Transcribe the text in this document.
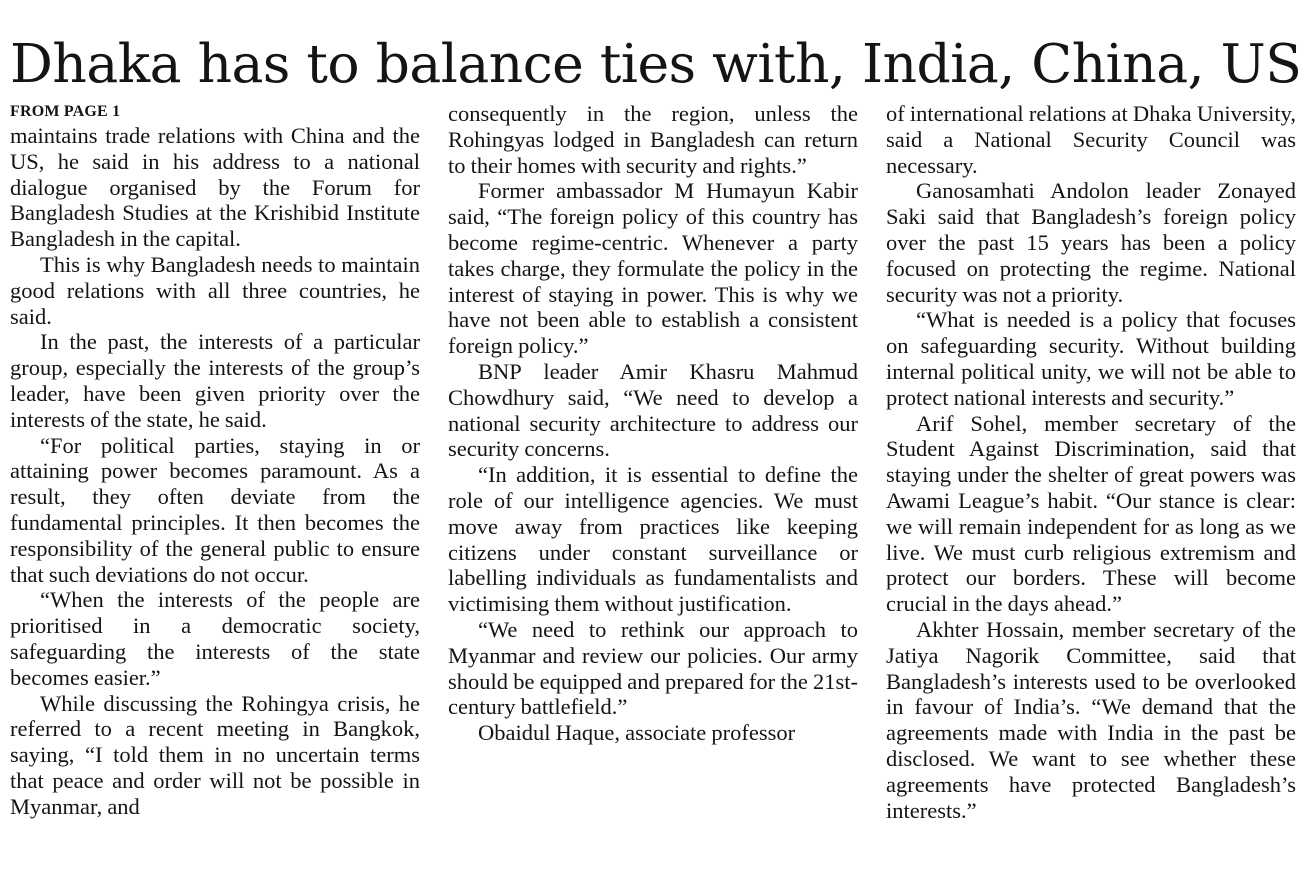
Dhaka has to balance ties with, India, China, US
FROM PAGE 1

maintains trade relations with China and the US, he said in his address to a national dialogue organised by the Forum for Bangladesh Studies at the Krishibid Institute Bangladesh in the capital.

This is why Bangladesh needs to maintain good relations with all three countries, he said.

In the past, the interests of a particular group, especially the interests of the group’s leader, have been given priority over the interests of the state, he said.

“For political parties, staying in or attaining power becomes paramount. As a result, they often deviate from the fundamental principles. It then becomes the responsibility of the general public to ensure that such deviations do not occur.

“When the interests of the people are prioritised in a democratic society, safeguarding the interests of the state becomes easier.”

While discussing the Rohingya crisis, he referred to a recent meeting in Bangkok, saying, “I told them in no uncertain terms that peace and order will not be possible in Myanmar, and

consequently in the region, unless the Rohingyas lodged in Bangladesh can return to their homes with security and rights.”

Former ambassador M Humayun Kabir said, “The foreign policy of this country has become regime-centric. Whenever a party takes charge, they formulate the policy in the interest of staying in power. This is why we have not been able to establish a consistent foreign policy.”

BNP leader Amir Khasru Mahmud Chowdhury said, “We need to develop a national security architecture to address our security concerns.

“In addition, it is essential to define the role of our intelligence agencies. We must move away from practices like keeping citizens under constant surveillance or labelling individuals as fundamentalists and victimising them without justification.

“We need to rethink our approach to Myanmar and review our policies. Our army should be equipped and prepared for the 21st-century battlefield.”

Obaidul Haque, associate professor

of international relations at Dhaka University, said a National Security Council was necessary.

Ganosamhati Andolon leader Zonayed Saki said that Bangladesh’s foreign policy over the past 15 years has been a policy focused on protecting the regime. National security was not a priority.

“What is needed is a policy that focuses on safeguarding security. Without building internal political unity, we will not be able to protect national interests and security.”

Arif Sohel, member secretary of the Student Against Discrimination, said that staying under the shelter of great powers was Awami League’s habit. “Our stance is clear: we will remain independent for as long as we live. We must curb religious extremism and protect our borders. These will become crucial in the days ahead.”

Akhter Hossain, member secretary of the Jatiya Nagorik Committee, said that Bangladesh’s interests used to be overlooked in favour of India’s. “We demand that the agreements made with India in the past be disclosed. We want to see whether these agreements have protected Bangladesh’s interests.”
